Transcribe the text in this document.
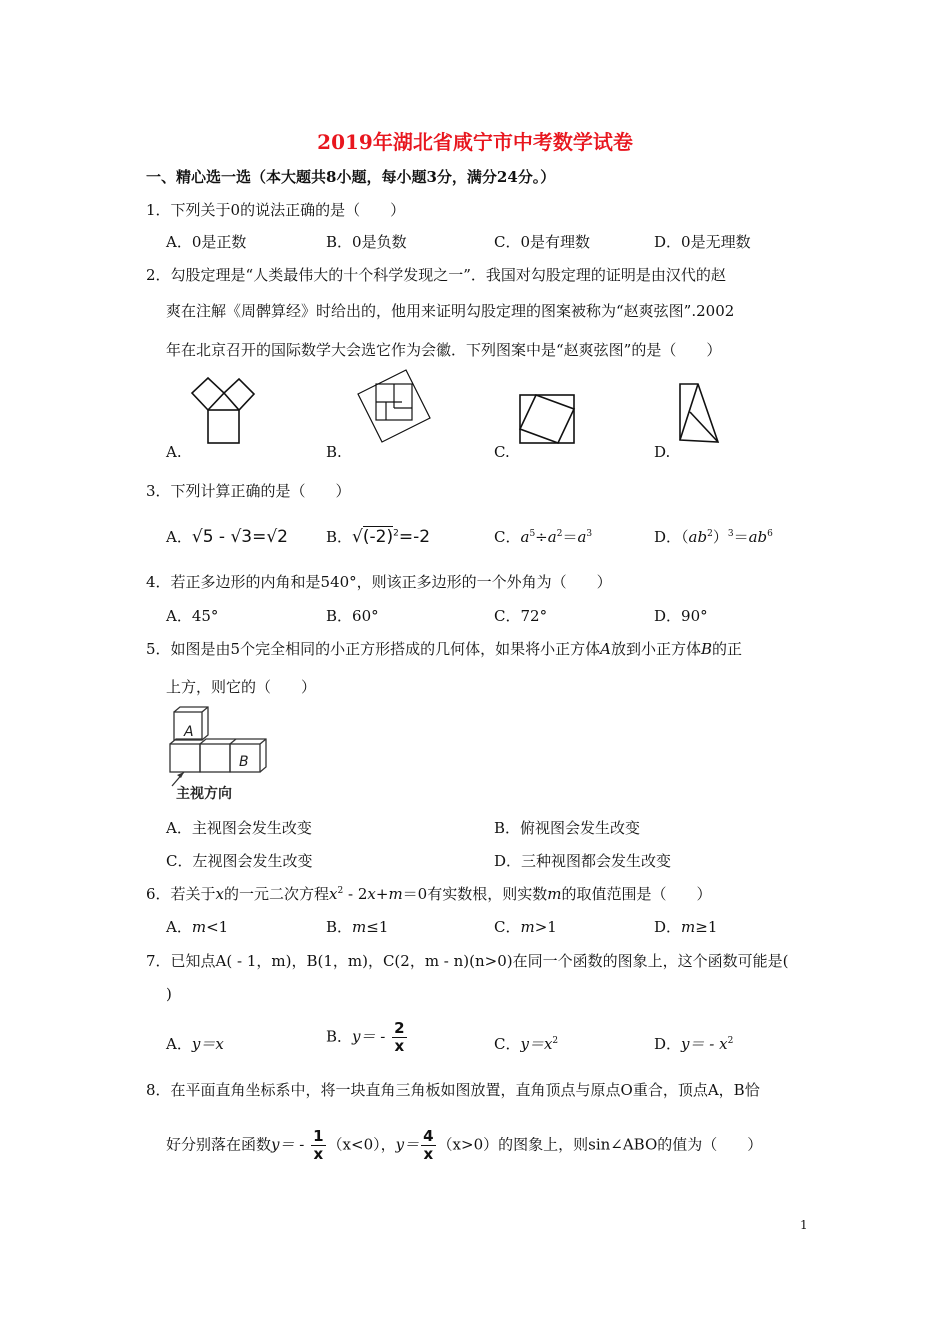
2019年湖北省咸宁市中考数学试卷
一、精心选一选（本大题共8小题，每小题3分，满分24分。）
1．下列关于0的说法正确的是（　　）
A．0是正数	B．0是负数	C．0是有理数	D．0是无理数
2．勾股定理是“人类最伟大的十个科学发现之一”．我国对勾股定理的证明是由汉代的赵
爽在注解《周髀算经》时给出的，他用来证明勾股定理的图案被称为“赵爽弦图”.2002
年在北京召开的国际数学大会选它作为会徽．下列图案中是“赵爽弦图”的是（　　）
A.	B.	C.	D.
3．下列计算正确的是（　　）
A．√5 - √3=√2	B．$√(-2)^2=-2$	C．$a^5\div a^2=a^3$	D．$(ab^2)^3=ab^6$
4．若正多边形的内角和是540°，则该正多边形的一个外角为（　　）
A．45°	B．60°	C．72°	D．90°
5．如图是由5个完全相同的小正方形搭成的几何体，如果将小正方体A放到小正方体B的正
上方，则它的（　　）
A
B
主视方向
A．主视图会发生改变	B．俯视图会发生改变
C．左视图会发生改变	D．三种视图都会发生改变
6．若关于x的一元二次方程$x^2 - 2x+m=0$有实数根，则实数m的取值范围是（　　）
A．m<1	B．m≤1	C．m>1	D．m≥1
7．已知点A( - 1，m)，B(1，m)，C(2，m - n)(n>0)在同一个函数的图象上，这个函数可能是(
)
A．y＝x	B．$y= - \frac{2}{x}$	C．$y=x^2$	D．$y= - x^2$
8．在平面直角坐标系中，将一块直角三角板如图放置，直角顶点与原点O重合，顶点A，B恰
好分别落在函数$y= - \frac{1}{x} (x<0)$，$y= \frac{4}{x} (x>0)$的图象上，则sin∠ABO的值为（　　）
1
